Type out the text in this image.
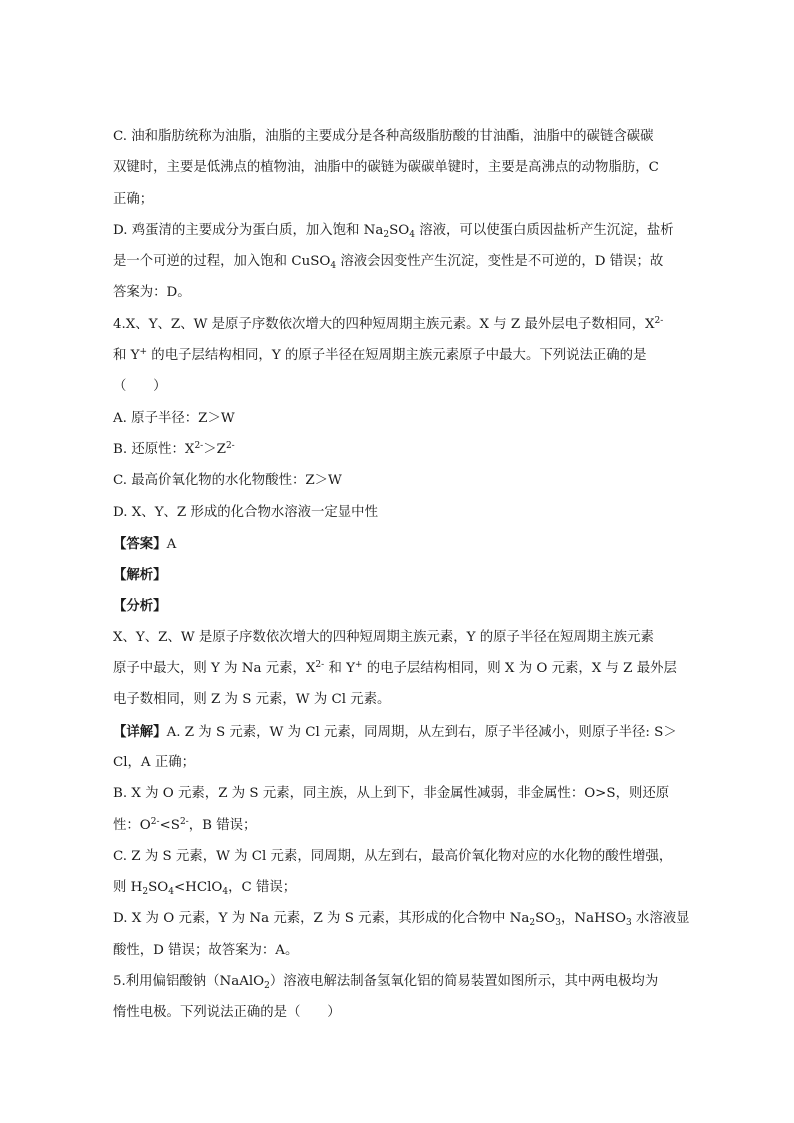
C. 油和脂肪统称为油脂，油脂的主要成分是各种高级脂肪酸的甘油酯，油脂中的碳链含碳碳
双键时，主要是低沸点的植物油，油脂中的碳链为碳碳单键时，主要是高沸点的动物脂肪，C
正确；
D. 鸡蛋清的主要成分为蛋白质，加入饱和 $Na_2SO_4$ 溶液，可以使蛋白质因盐析产生沉淀，盐析
是一个可逆的过程，加入饱和 CuSO$_4$ 溶液会因变性产生沉淀，变性是不可逆的，D 错误；故
答案为：D。
4.X、Y、Z、W 是原子序数依次增大的四种短周期主族元素。X 与 Z 最外层电子数相同，$X^{2-}$
和 Y+ 的电子层结构相同，Y 的原子半径在短周期主族元素原子中最大。下列说法正确的是
（　　）
A. 原子半径：Z＞W
B. 还原性：$X^{2-}>Z^{2-}$
C. 最高价氧化物的水化物酸性：Z＞W
D. X、Y、Z 形成的化合物水溶液一定显中性
【答案】A
【解析】
【分析】
X、Y、Z、W 是原子序数依次增大的四种短周期主族元素，Y 的原子半径在短周期主族元素
原子中最大，则 Y 为 Na 元素，$X^{2-}$ 和 Y+ 的电子层结构相同，则 X 为 O 元素，X 与 Z 最外层
电子数相同，则 Z 为 S 元素，W 为 Cl 元素。
【详解】A. Z 为 S 元素，W 为 Cl 元素，同周期，从左到右，原子半径减小，则原子半径: S＞
Cl，A 正确；
B. X 为 O 元素，Z 为 S 元素，同主族，从上到下，非金属性减弱，非金属性：O>S，则还原
性：$O^{2-}<S^{2-}$，B 错误；
C. Z 为 S 元素，W 为 Cl 元素，同周期，从左到右，最高价氧化物对应的水化物的酸性增强，
则 $H_2SO_4<HClO_4$，C 错误；
D. X 为 O 元素，Y 为 Na 元素，Z 为 S 元素，其形成的化合物中 $Na_2SO_3$，NaHSO$_3$ 水溶液显
酸性，D 错误；故答案为：A。
5.利用偏铝酸钠（NaAlO$_2$）溶液电解法制备氢氧化铝的简易装置如图所示，其中两电极均为
惰性电极。下列说法正确的是（　　）
